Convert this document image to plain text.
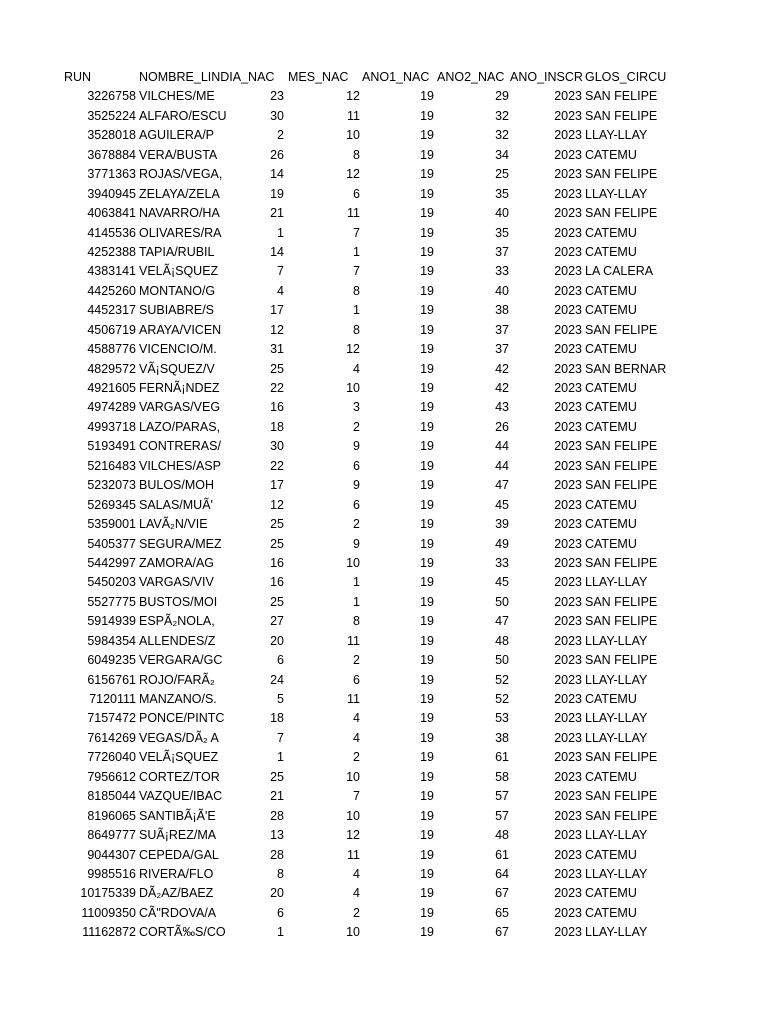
RUN	NOMBRE_LINDIA_NAC MES_NAC ANO1_NAC ANO2_NAC ANO_INSCR GLOS_CIRCU
3226758 VILCHES/ME	23	12	19	29	2023 SAN FELIPE
3525224 ALFARO/ESCU	30	11	19	32	2023 SAN FELIPE
3528018 AGUILERA/P	2	10	19	32	2023 LLAY-LLAY
3678884 VERA/BUSTA	26	8	19	34	2023 CATEMU
3771363 ROJAS/VEGA,	14	12	19	25	2023 SAN FELIPE
3940945 ZELAYA/ZELA	19	6	19	35	2023 LLAY-LLAY
4063841 NAVARRO/HA	21	11	19	40	2023 SAN FELIPE
4145536 OLIVARES/RA	1	7	19	35	2023 CATEMU
4252388 TAPIA/RUBIL	14	1	19	37	2023 CATEMU
4383141 VELÃ¡SQUEZ	7	7	19	33	2023 LA CALERA
4425260 MONTANO/G	4	8	19	40	2023 CATEMU
4452317 SUBIABRE/S	17	1	19	38	2023 CATEMU
4506719 ARAYA/VICEN	12	8	19	37	2023 SAN FELIPE
4588776 VICENCIO/M.	31	12	19	37	2023 CATEMU
4829572 VÃ¡SQUEZ/V	25	4	19	42	2023 SAN BERNAR
4921605 FERNÃ¡NDEZ	22	10	19	42	2023 CATEMU
4974289 VARGAS/VEG	16	3	19	43	2023 CATEMU
4993718 LAZO/PARAS,	18	2	19	26	2023 CATEMU
5193491 CONTRERAS/	30	9	19	44	2023 SAN FELIPE
5216483 VILCHES/ASP	22	6	19	44	2023 SAN FELIPE
5232073 BULOS/MOH	17	9	19	47	2023 SAN FELIPE
5269345 SALAS/MUÃ'	12	6	19	45	2023 CATEMU
5359001 LAVÃ₂N/VIE	25	2	19	39	2023 CATEMU
5405377 SEGURA/MEZ	25	9	19	49	2023 CATEMU
5442997 ZAMORA/AG	16	10	19	33	2023 SAN FELIPE
5450203 VARGAS/VIV	16	1	19	45	2023 LLAY-LLAY
5527775 BUSTOS/MOI	25	1	19	50	2023 SAN FELIPE
5914939 ESPÃ₂NOLA,	27	8	19	47	2023 SAN FELIPE
5984354 ALLENDES/Z	20	11	19	48	2023 LLAY-LLAY
6049235 VERGARA/GC	6	2	19	50	2023 SAN FELIPE
6156761 ROJO/FARÃ₂	24	6	19	52	2023 LLAY-LLAY
7120111 MANZANO/S.	5	11	19	52	2023 CATEMU
7157472 PONCE/PINTC	18	4	19	53	2023 LLAY-LLAY
7614269 VEGAS/DÃ₂ A	7	4	19	38	2023 LLAY-LLAY
7726040 VELÃ¡SQUEZ	1	2	19	61	2023 SAN FELIPE
7956612 CORTEZ/TOR	25	10	19	58	2023 CATEMU
8185044 VAZQUE/IBAC	21	7	19	57	2023 SAN FELIPE
8196065 SANTIBÃ¡Ã'E	28	10	19	57	2023 SAN FELIPE
8649777 SUÃ¡REZ/MA	13	12	19	48	2023 LLAY-LLAY
9044307 CEPEDA/GAL	28	11	19	61	2023 CATEMU
9985516 RIVERA/FLO	8	4	19	64	2023 LLAY-LLAY
10175339 DÃ₂AZ/BAEZ	20	4	19	67	2023 CATEMU
11009350 CÃ"RDOVA/A	6	2	19	65	2023 CATEMU
11162872 CORTÃ‰S/CO	1	10	19	67	2023 LLAY-LLAY
